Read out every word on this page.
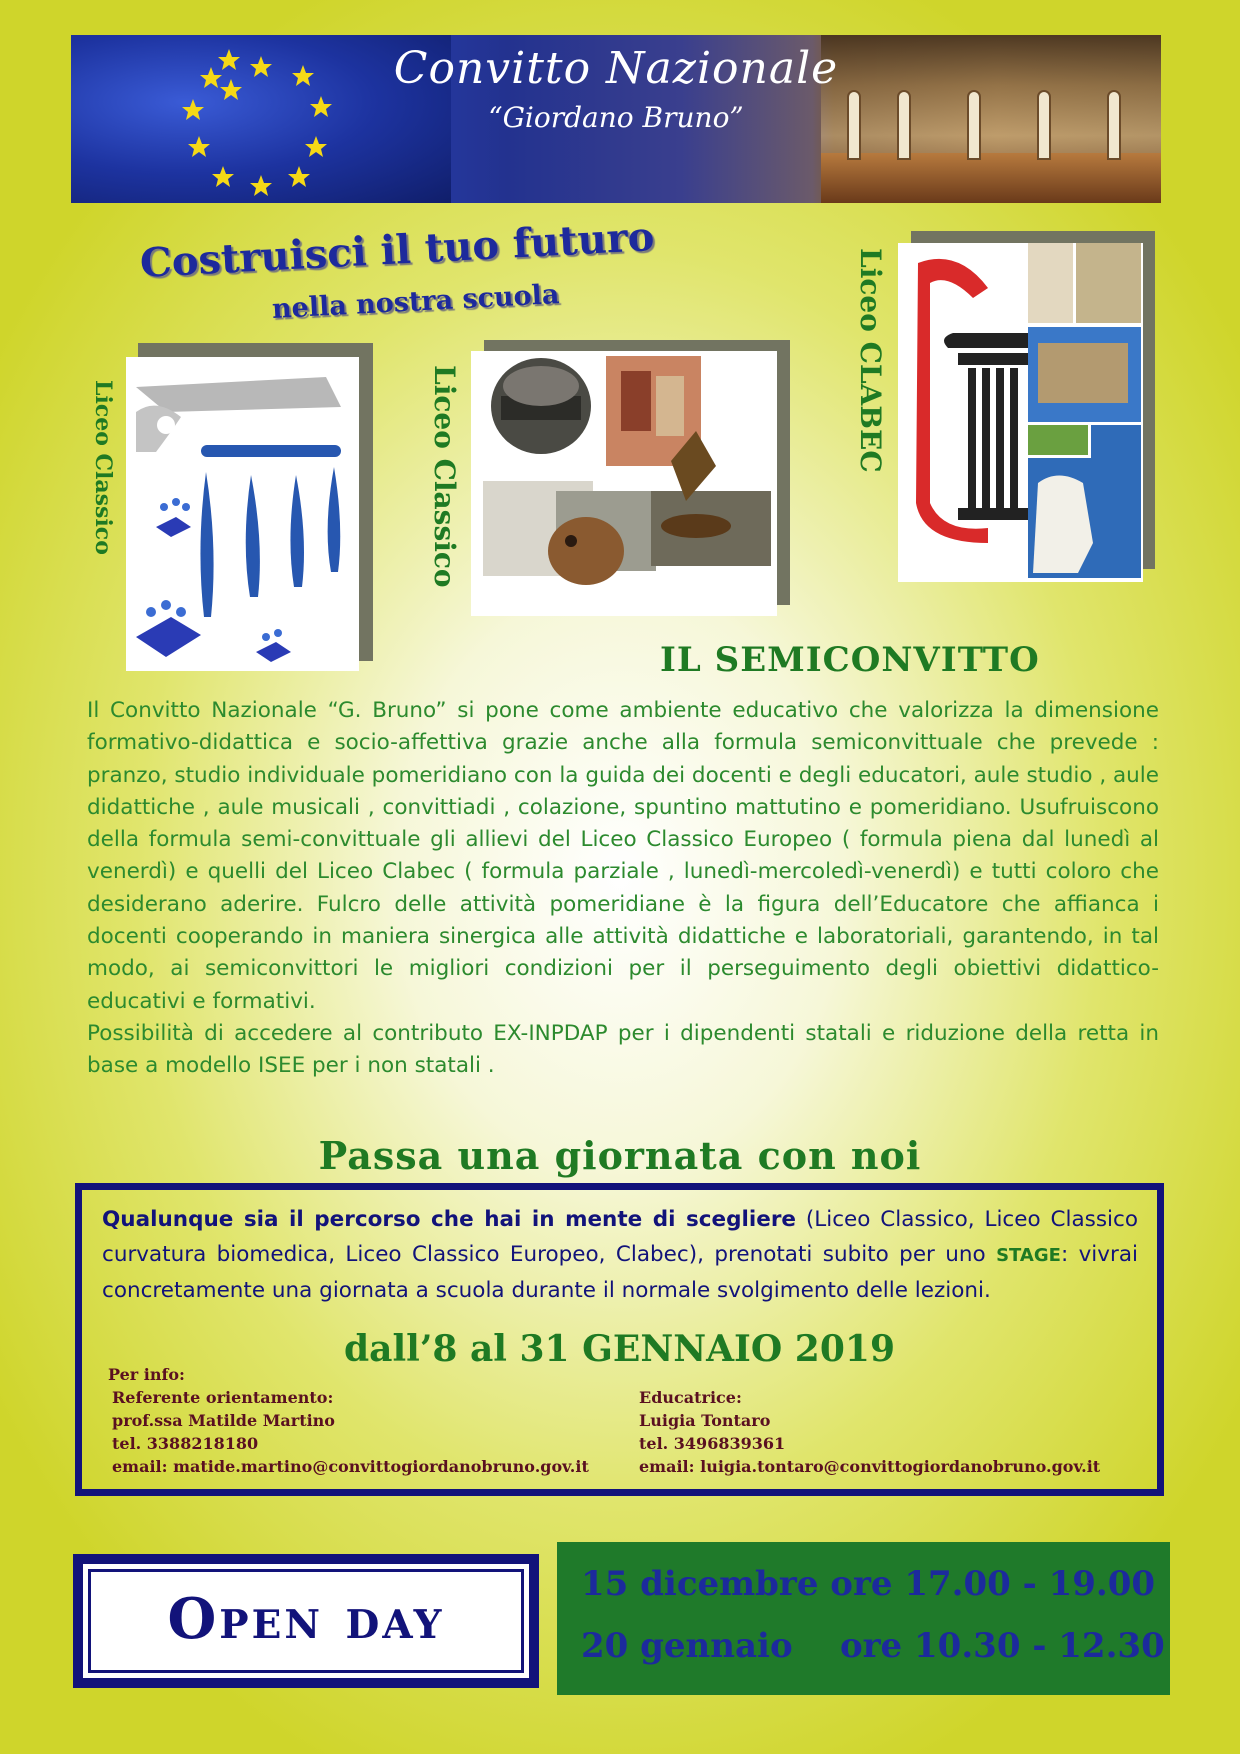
Convitto Nazionale
“Giordano Bruno”
Costruisci il tuo futuro
nella nostra scuola
Liceo Classico	Liceo Classico
Liceo CLABEC
IL SEMICONVITTO

Il Convitto Nazionale “G. Bruno” si pone come ambiente educativo che valorizza la dimensione formativo-didattica e socio-affettiva grazie anche alla formula semiconvittuale che prevede : pranzo, studio individuale pomeridiano con la guida dei docenti e degli educatori, aule studio , aule didattiche , aule musicali , convittiadi , colazione, spuntino mattutino e pomeridiano. Usufruiscono della formula semi-convittuale gli allievi del Liceo Classico Europeo ( formula piena dal lunedì al venerdì) e quelli del Liceo Clabec ( formula parziale , lunedì-mercoledì-venerdì) e tutti coloro che desiderano aderire. Fulcro delle attività pomeridiane è la figura dell’Educatore che affianca i docenti cooperando in maniera sinergica alle attività didattiche e laboratoriali, garantendo, in tal modo, ai semiconvittori le migliori condizioni per il perseguimento degli obiettivi didattico-educativi e formativi.

Possibilità di accedere al contributo EX-INPDAP per i dipendenti statali e riduzione della retta in base a modello ISEE per i non statali .

Passa una giornata con noi
Qualunque sia il percorso che hai in mente di scegliere (Liceo Classico, Liceo Classico curvatura biomedica, Liceo Classico Europeo, Clabec), prenotati subito per uno STAGE: vivrai concretamente una giornata a scuola durante il normale svolgimento delle lezioni.
dall’8 al 31 GENNAIO 2019
Per info:
Referente orientamento:
prof.ssa Matilde Martino
tel. 3388218180
email: matide.martino@convittogiordanobruno.gov.it
Educatrice:
Luigia Tontaro
tel. 3496839361
email: luigia.tontaro@convittogiordanobruno.gov.it
Open day
15 dicembre ore 17.00 - 19.00
20 gennaio    ore 10.30 - 12.30
